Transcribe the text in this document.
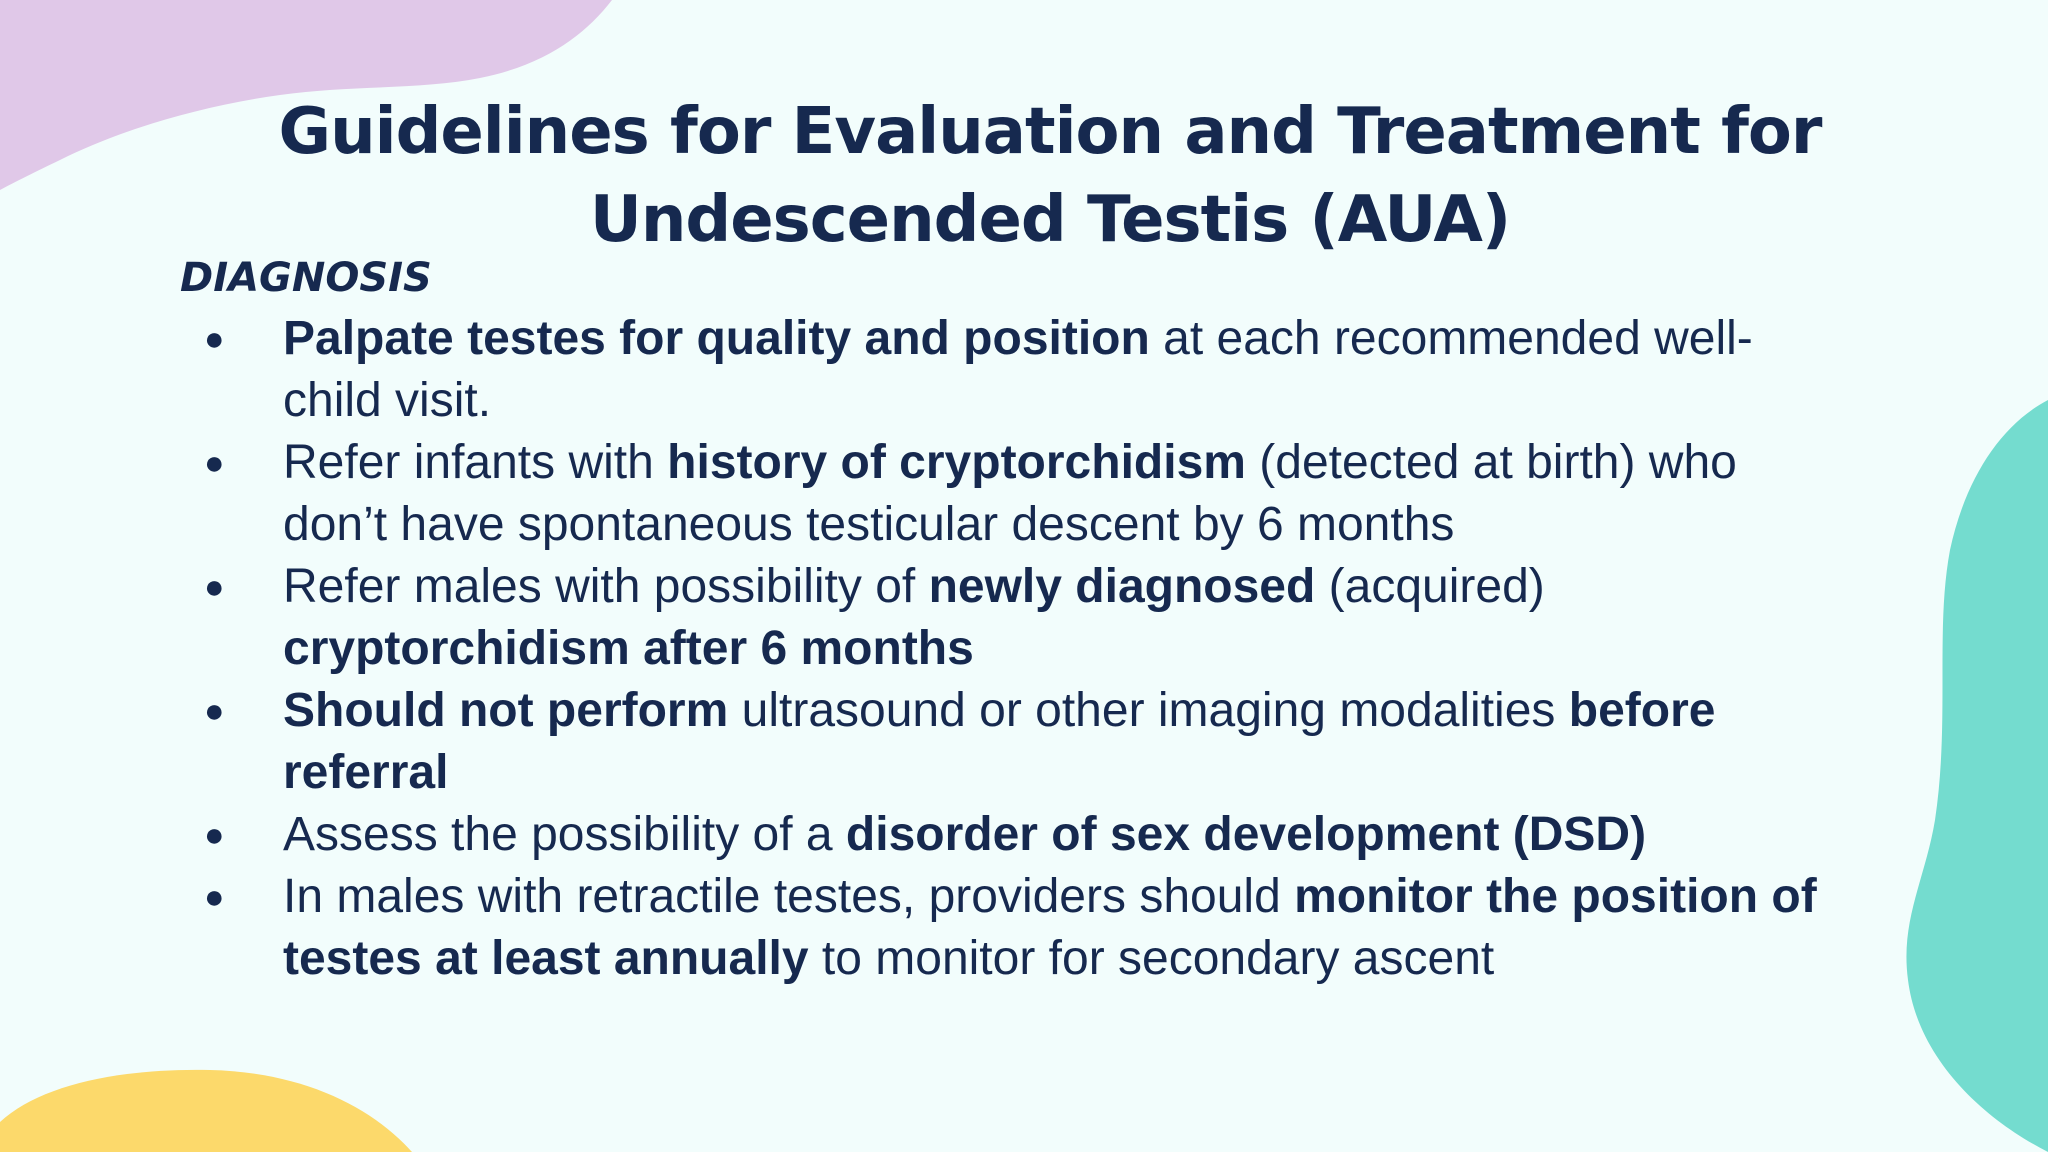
Guidelines for Evaluation and Treatment for
Undescended Testis (AUA)
DIAGNOSIS
●	Palpate testes for quality and position at each recommended well-child visit.
●	Refer infants with history of cryptorchidism (detected at birth) who don’t have spontaneous testicular descent by 6 months
●	Refer males with possibility of newly diagnosed (acquired) cryptorchidism after 6 months
●	Should not perform ultrasound or other imaging modalities before referral
●	Assess the possibility of a disorder of sex development (DSD)
●	In males with retractile testes, providers should monitor the position of testes at least annually to monitor for secondary ascent
